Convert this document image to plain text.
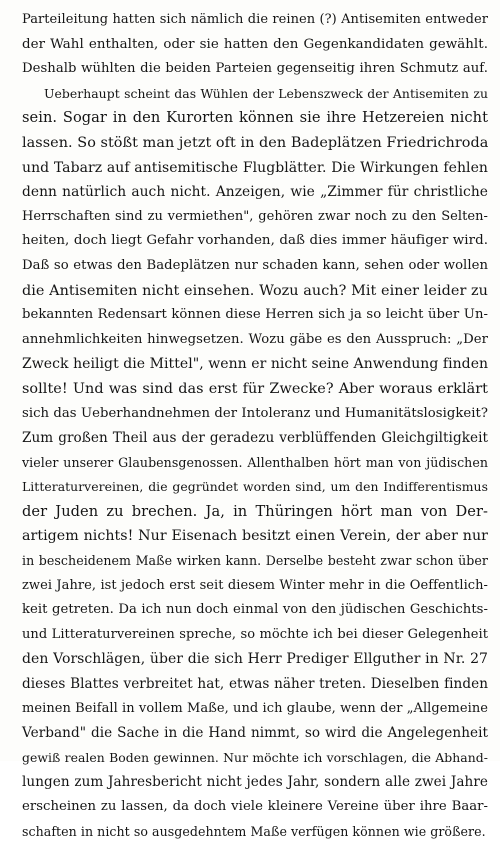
Parteileitung hatten sich nämlich die reinen (?) Antisemiten entweder
der Wahl enthalten, oder sie hatten den Gegenkandidaten gewählt.
Deshalb wühlten die beiden Parteien gegenseitig ihren Schmutz auf.
Ueberhaupt scheint das Wühlen der Lebenszweck der Antisemiten zu
sein. Sogar in den Kurorten können sie ihre Hetzereien nicht
lassen. So stößt man jetzt oft in den Badeplätzen Friedrichroda
und Tabarz auf antisemitische Flugblätter. Die Wirkungen fehlen
denn natürlich auch nicht. Anzeigen, wie „Zimmer für christliche
Herrschaften sind zu vermiethen", gehören zwar noch zu den Selten-
heiten, doch liegt Gefahr vorhanden, daß dies immer häufiger wird.
Daß so etwas den Badeplätzen nur schaden kann, sehen oder wollen
die Antisemiten nicht einsehen. Wozu auch? Mit einer leider zu
bekannten Redensart können diese Herren sich ja so leicht über Un-
annehmlichkeiten hinwegsetzen. Wozu gäbe es den Ausspruch: „Der
Zweck heiligt die Mittel", wenn er nicht seine Anwendung finden
sollte! Und was sind das erst für Zwecke? Aber woraus erklärt
sich das Ueberhandnehmen der Intoleranz und Humanitätslosigkeit?
Zum großen Theil aus der geradezu verblüffenden Gleichgiltigkeit
vieler unserer Glaubensgenossen. Allenthalben hört man von jüdischen
Litteraturvereinen, die gegründet worden sind, um den Indifferentismus
der Juden zu brechen. Ja, in Thüringen hört man von Der-
artigem nichts! Nur Eisenach besitzt einen Verein, der aber nur
in bescheidenem Maße wirken kann. Derselbe besteht zwar schon über
zwei Jahre, ist jedoch erst seit diesem Winter mehr in die Oeffentlich-
keit getreten. Da ich nun doch einmal von den jüdischen Geschichts-
und Litteraturvereinen spreche, so möchte ich bei dieser Gelegenheit
den Vorschlägen, über die sich Herr Prediger Ellguther in Nr. 27
dieses Blattes verbreitet hat, etwas näher treten. Dieselben finden
meinen Beifall in vollem Maße, und ich glaube, wenn der „Allgemeine
Verband" die Sache in die Hand nimmt, so wird die Angelegenheit
gewiß realen Boden gewinnen. Nur möchte ich vorschlagen, die Abhand-
lungen zum Jahresbericht nicht jedes Jahr, sondern alle zwei Jahre
erscheinen zu lassen, da doch viele kleinere Vereine über ihre Baar-
schaften in nicht so ausgedehntem Maße verfügen können wie größere.
